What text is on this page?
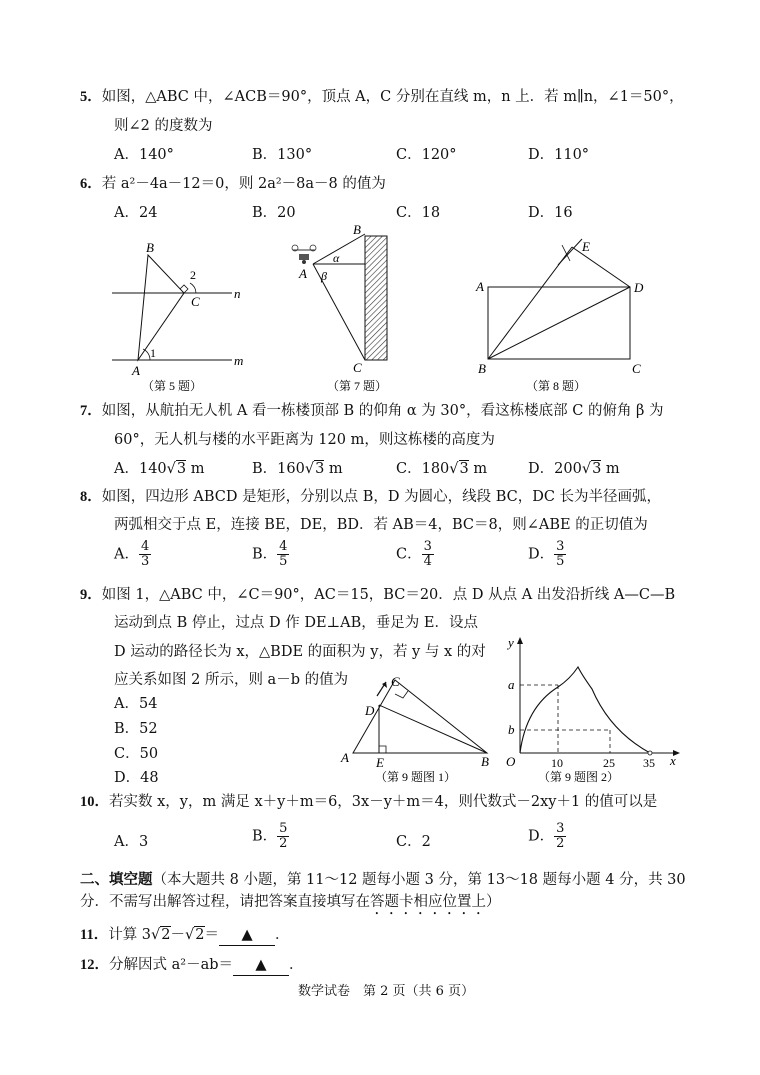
5．如图，△ABC 中，∠ACB＝90°，顶点 A，C 分别在直线 m，n 上．若 m∥n，∠1＝50°，
则∠2 的度数为
A．140°	B．130°	C．120°	D．110°
6．若 a²－4a－12＝0，则 2a²－8a－8 的值为
A．24	B．20	C．18	D．16
B
C
A
n
m
1
2
（第 5 题）
B
A
C
α
β
（第 7 题）
A	D
B	C
E
（第 8 题）
7．如图，从航拍无人机 A 看一栋楼顶部 B 的仰角 α 为 30°，看这栋楼底部 C 的俯角 β 为
60°，无人机与楼的水平距离为 120 m，则这栋楼的高度为
A．140√3 m	B．160√3 m	C．180√3 m	D．200√3 m
8．如图，四边形 ABCD 是矩形，分别以点 B，D 为圆心，线段 BC，DC 长为半径画弧，
两弧相交于点 E，连接 BE，DE，BD．若 AB＝4，BC＝8，则∠ABE 的正切值为
A． $\frac{4}{3}$	B． $\frac{4}{5}$	C． $\frac{3}{4}$	D． $\frac{3}{5}$
9．如图 1，△ABC 中，∠C＝90°，AC＝15，BC＝20．点 D 从点 A 出发沿折线 A—C—B
运动到点 B 停止，过点 D 作 DE⊥AB，垂足为 E．设点
D 运动的路径长为 x，△BDE 的面积为 y，若 y 与 x 的对
应关系如图 2 所示，则 a－b 的值为
A．54
B．52
C．50
D．48
A	B
C
D
E
（第 9 题图 1）
y
x
O
a
b
10	25 35
（第 9 题图 2）
10．若实数 x，y，m 满足 x＋y＋m＝6，3x－y＋m＝4，则代数式－2xy＋1 的值可以是
A．3	B． $\frac{5}{2}$	C．2	D． $\frac{3}{2}$
二、填空题（本大题共 8 小题，第 11～12 题每小题 3 分，第 13～18 题每小题 4 分，共 30
分．不需写出解答过程，请把答案直接填写在答题卡相应位置上）
11．计算 3√2－√2＝ ▲ ．
12．分解因式 a²－ab＝ ▲ ．
数学试卷　第 2 页（共 6 页）
